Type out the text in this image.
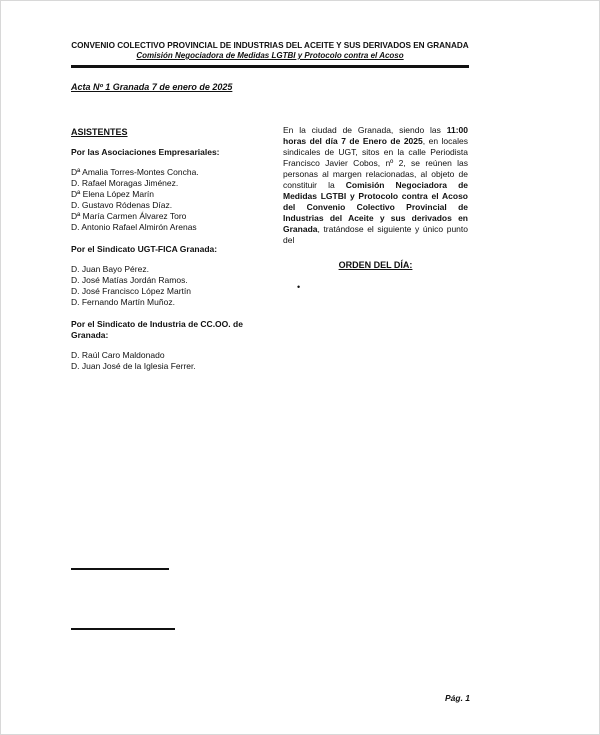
CONVENIO COLECTIVO PROVINCIAL DE INDUSTRIAS DEL ACEITE Y SUS DERIVADOS EN GRANADA
Comisión Negociadora de Medidas LGTBI y Protocolo contra el Acoso
Acta Nº 1 Granada 7 de enero de 2025
ASISTENTES
Por las Asociaciones Empresariales:
Dª Amalia Torres-Montes Concha.
D. Rafael Moragas Jiménez.
Dª Elena López Marín
D. Gustavo Ródenas Díaz.
Dª María Carmen Álvarez Toro
D. Antonio Rafael Almirón Arenas
Por el Sindicato UGT-FICA Granada:
D. Juan Bayo Pérez.
D. José Matías Jordán Ramos.
D. José Francisco López Martín
D. Fernando Martín Muñoz.
Por el Sindicato de Industria de CC.OO. de Granada:
D. Raúl Caro Maldonado
D. Juan José de la Iglesia Ferrer.
En la ciudad de Granada, siendo las 11:00 horas del día 7 de Enero de 2025, en locales sindicales de UGT, sitos en la calle Periodista Francisco Javier Cobos, nº 2, se reúnen las personas al margen relacionadas, al objeto de constituir la Comisión Negociadora de Medidas LGTBI y Protocolo contra el Acoso del Convenio Colectivo Provincial de Industrias del Aceite y sus derivados en Granada, tratándose el siguiente y único punto del
ORDEN DEL DÍA:
•
Pág. 1
